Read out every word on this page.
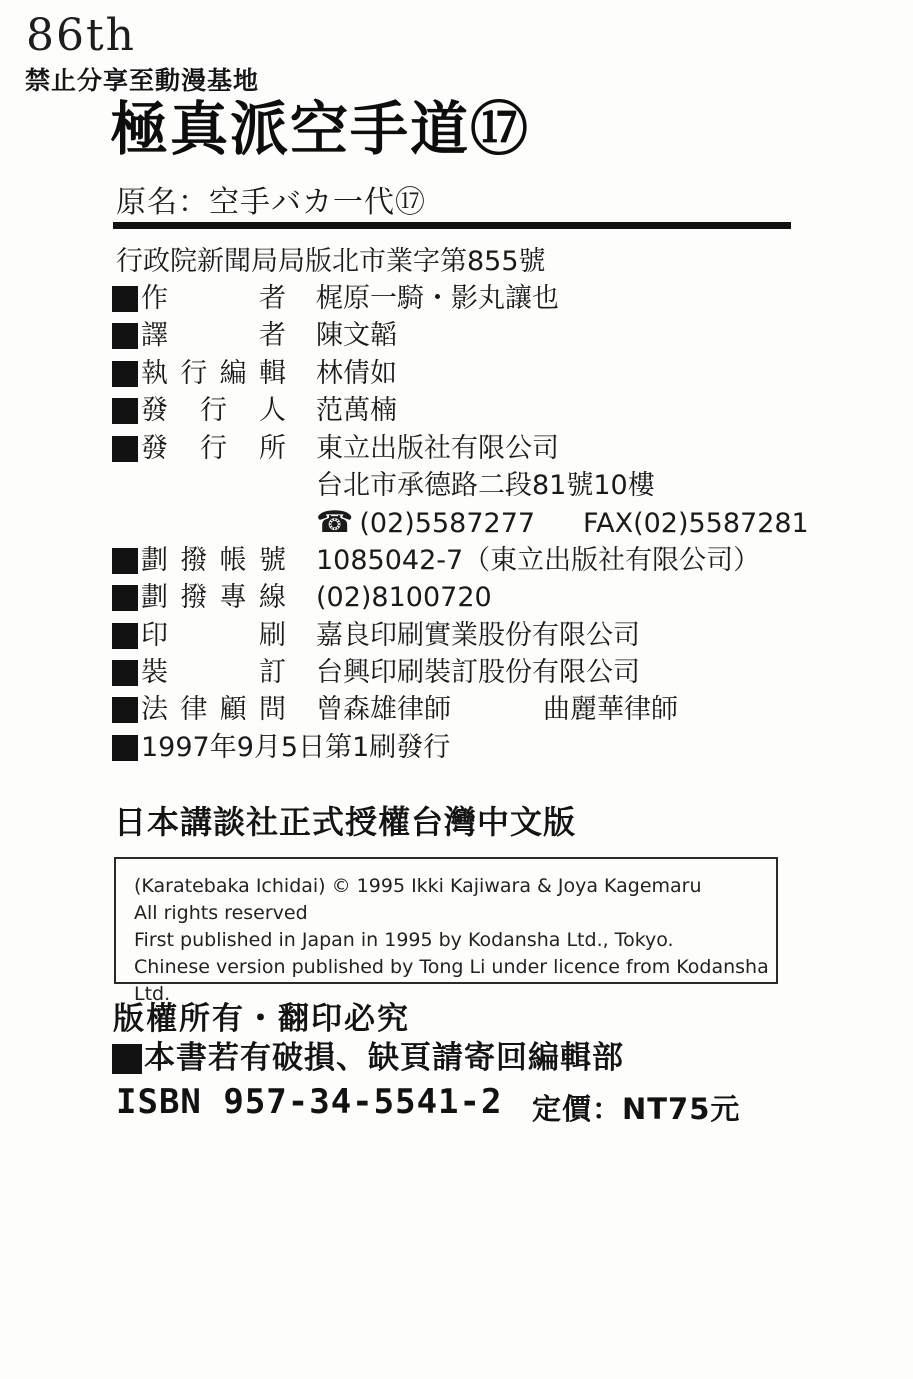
86th
禁止分享至動漫基地
極真派空手道⑰
原名：空手バカ一代⑰
行政院新聞局局版北市業字第855號
作者 梶原一騎・影丸讓也
譯者 陳文韜
執行編輯 林倩如
發行人 范萬楠
發行所 東立出版社有限公司
台北市承德路二段81號10樓
☎ (02)5587277 FAX(02)5587281
劃撥帳號 1085042-7（東立出版社有限公司）
劃撥專線 (02)8100720
印刷 嘉良印刷實業股份有限公司
裝訂 台興印刷裝訂股份有限公司
法律顧問 曾森雄律師	曲麗華律師
1997年9月5日第1刷發行
日本講談社正式授權台灣中文版
(Karatebaka Ichidai) © 1995 Ikki Kajiwara & Joya Kagemaru
All rights reserved
First published in Japan in 1995 by Kodansha Ltd., Tokyo.
Chinese version published by Tong Li under licence from Kodansha Ltd.
版權所有・翻印必究
本書若有破損、缺頁請寄回編輯部
ISBN 957-34-5541-2 定價：NT75元
